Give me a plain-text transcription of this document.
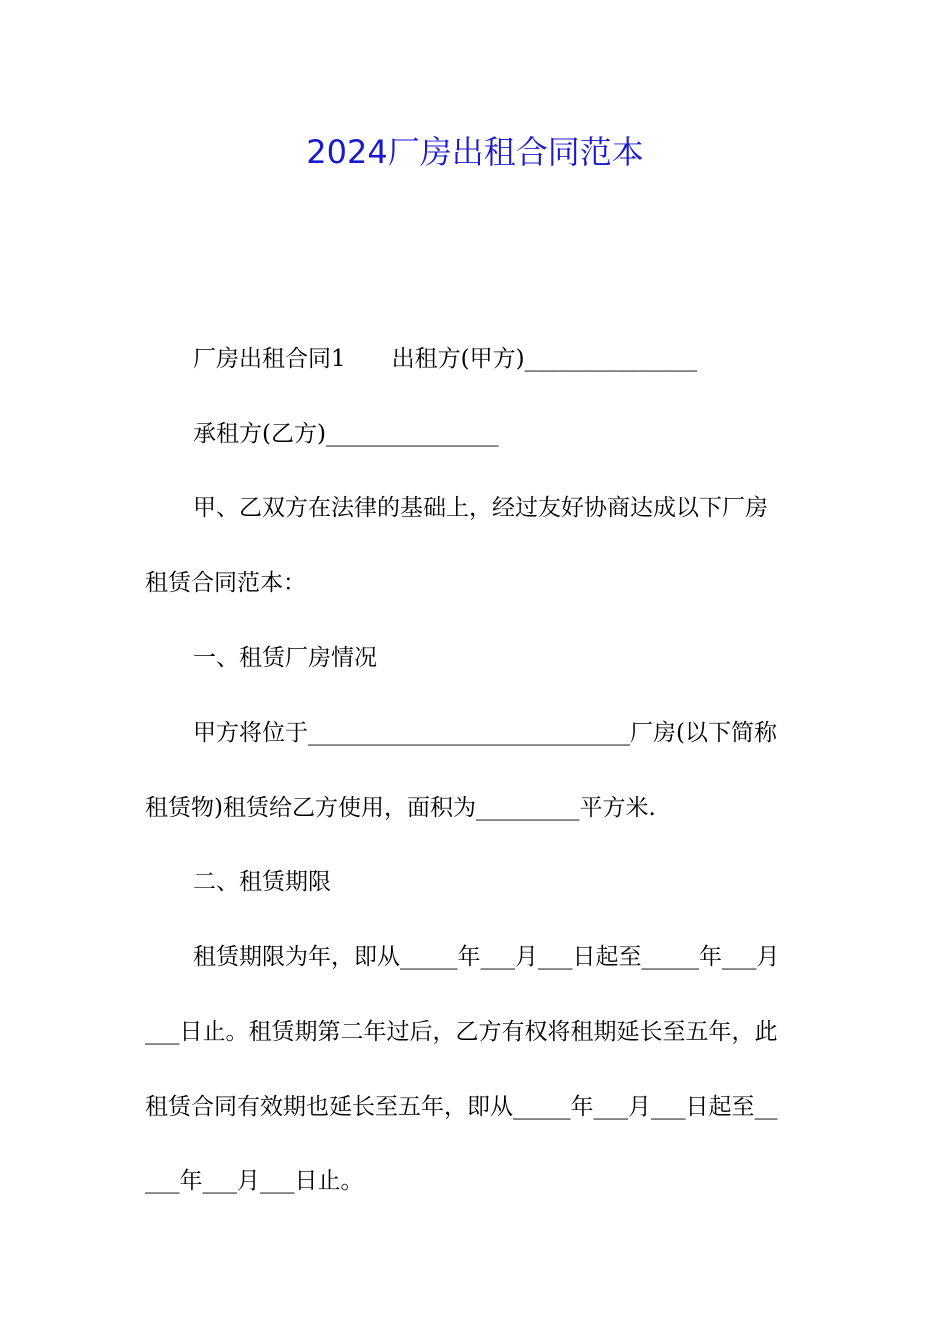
2024厂房出租合同范本

厂房出租合同1　　出租方(甲方)_______________

承租方(乙方)_______________

甲、乙双方在法律的基础上，经过友好协商达成以下厂房

租赁合同范本：

一、租赁厂房情况

甲方将位于____________________________厂房(以下简称

租赁物)租赁给乙方使用，面积为_________平方米.

二、租赁期限

租赁期限为年，即从_____年___月___日起至_____年___月

___日止。租赁期第二年过后，乙方有权将租期延长至五年，此

租赁合同有效期也延长至五年，即从_____年___月___日起至__

___年___月___日止。
